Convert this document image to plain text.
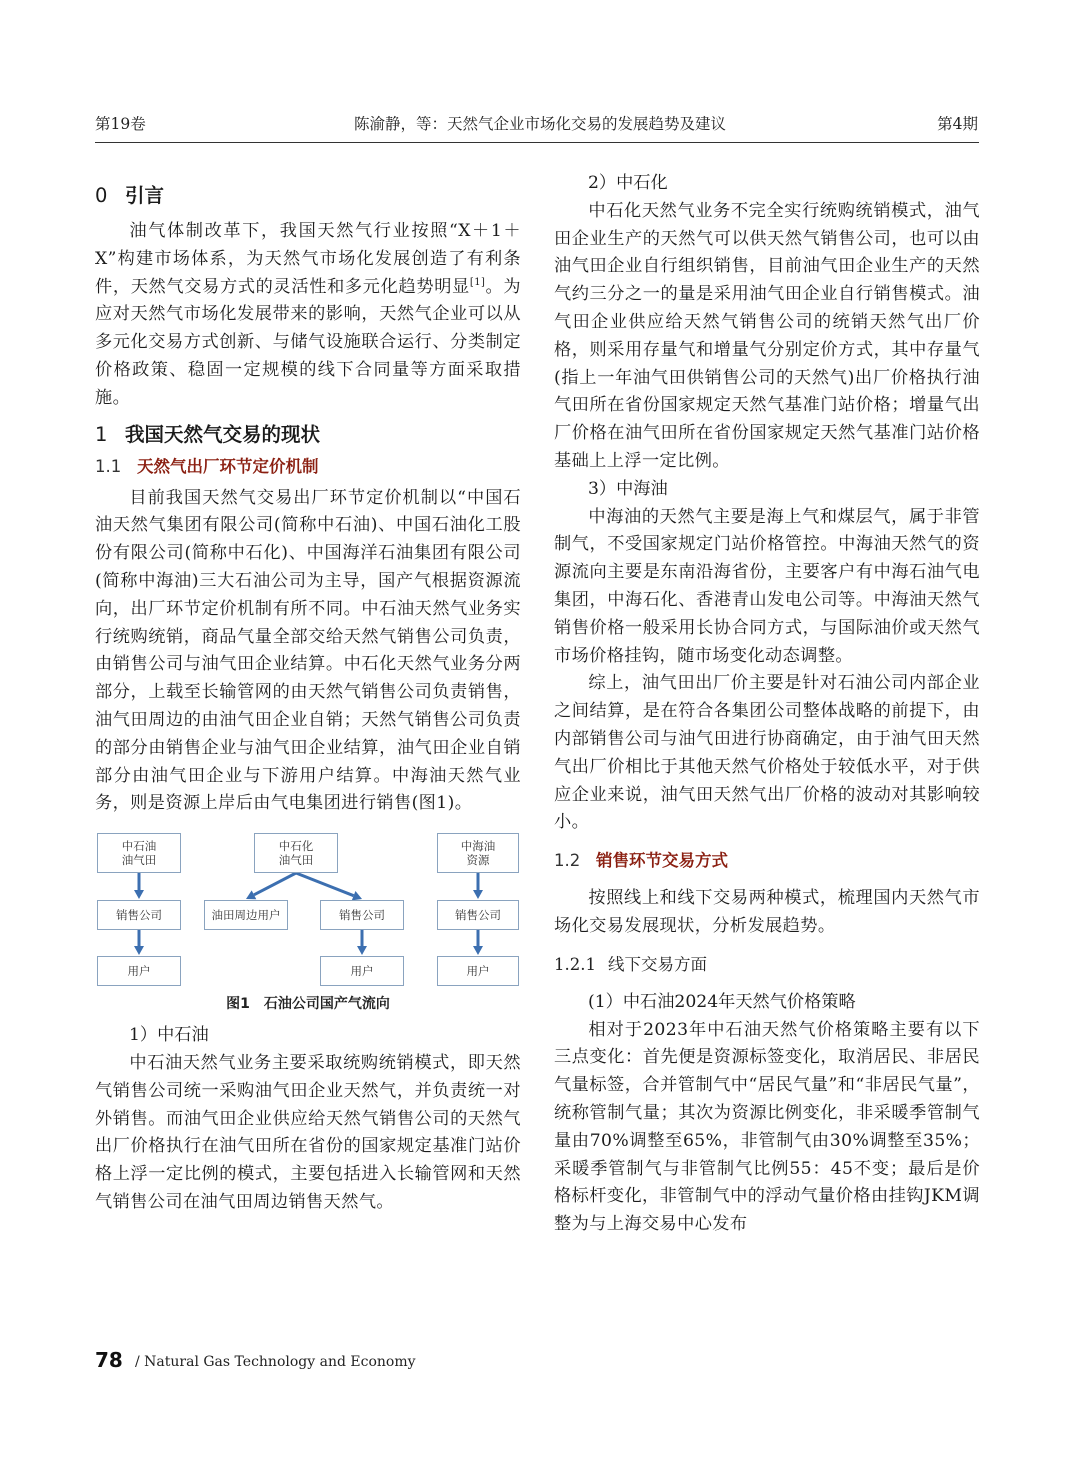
第19卷	陈渝静，等：天然气企业市场化交易的发展趋势及建议	第4期

0 引言

油气体制改革下，我国天然气行业按照“X＋1＋X”构建市场体系，为天然气市场化发展创造了有利条件，天然气交易方式的灵活性和多元化趋势明显[1]。为应对天然气市场化发展带来的影响，天然气企业可以从多元化交易方式创新、与储气设施联合运行、分类制定价格政策、稳固一定规模的线下合同量等方面采取措施。

1 我国天然气交易的现状

1.1 天然气出厂环节定价机制

目前我国天然气交易出厂环节定价机制以“中国石油天然气集团有限公司(简称中石油)、中国石油化工股份有限公司(简称中石化)、中国海洋石油集团有限公司(简称中海油)三大石油公司为主导，国产气根据资源流向，出厂环节定价机制有所不同。中石油天然气业务实行统购统销，商品气量全部交给天然气销售公司负责，由销售公司与油气田企业结算。中石化天然气业务分两部分，上载至长输管网的由天然气销售公司负责销售，油气田周边的由油气田企业自销；天然气销售公司负责的部分由销售企业与油气田企业结算，油气田企业自销部分由油气田企业与下游用户结算。中海油天然气业务，则是资源上岸后由气电集团进行销售(图1)。

中石油
油气田
中石化
油气田
中海油
资源
销售公司	油田周边用户	销售公司	销售公司
用户	用户	用户

图1　石油公司国产气流向

1）中石油

中石油天然气业务主要采取统购统销模式，即天然气销售公司统一采购油气田企业天然气，并负责统一对外销售。而油气田企业供应给天然气销售公司的天然气出厂价格执行在油气田所在省份的国家规定基准门站价格上浮一定比例的模式，主要包括进入长输管网和天然气销售公司在油气田周边销售天然气。

2）中石化

中石化天然气业务不完全实行统购统销模式，油气田企业生产的天然气可以供天然气销售公司，也可以由油气田企业自行组织销售，目前油气田企业生产的天然气约三分之一的量是采用油气田企业自行销售模式。油气田企业供应给天然气销售公司的统销天然气出厂价格，则采用存量气和增量气分别定价方式，其中存量气(指上一年油气田供销售公司的天然气)出厂价格执行油气田所在省份国家规定天然气基准门站价格；增量气出厂价格在油气田所在省份国家规定天然气基准门站价格基础上上浮一定比例。

3）中海油

中海油的天然气主要是海上气和煤层气，属于非管制气，不受国家规定门站价格管控。中海油天然气的资源流向主要是东南沿海省份，主要客户有中海石油气电集团，中海石化、香港青山发电公司等。中海油天然气销售价格一般采用长协合同方式，与国际油价或天然气市场价格挂钩，随市场变化动态调整。

综上，油气田出厂价主要是针对石油公司内部企业之间结算，是在符合各集团公司整体战略的前提下，由内部销售公司与油气田进行协商确定，由于油气田天然气出厂价相比于其他天然气价格处于较低水平，对于供应企业来说，油气田天然气出厂价格的波动对其影响较小。

1.2 销售环节交易方式

按照线上和线下交易两种模式，梳理国内天然气市场化交易发展现状，分析发展趋势。

1.2.1 线下交易方面

(1）中石油2024年天然气价格策略

相对于2023年中石油天然气价格策略主要有以下三点变化：首先便是资源标签变化，取消居民、非居民气量标签，合并管制气中“居民气量”和“非居民气量”，统称管制气量；其次为资源比例变化，非采暖季管制气量由70%调整至65%，非管制气由30%调整至35%；采暖季管制气与非管制气比例55：45不变；最后是价格标杆变化，非管制气中的浮动气量价格由挂钩JKM调整为与上海交易中心发布

78 / Natural Gas Technology and Economy
